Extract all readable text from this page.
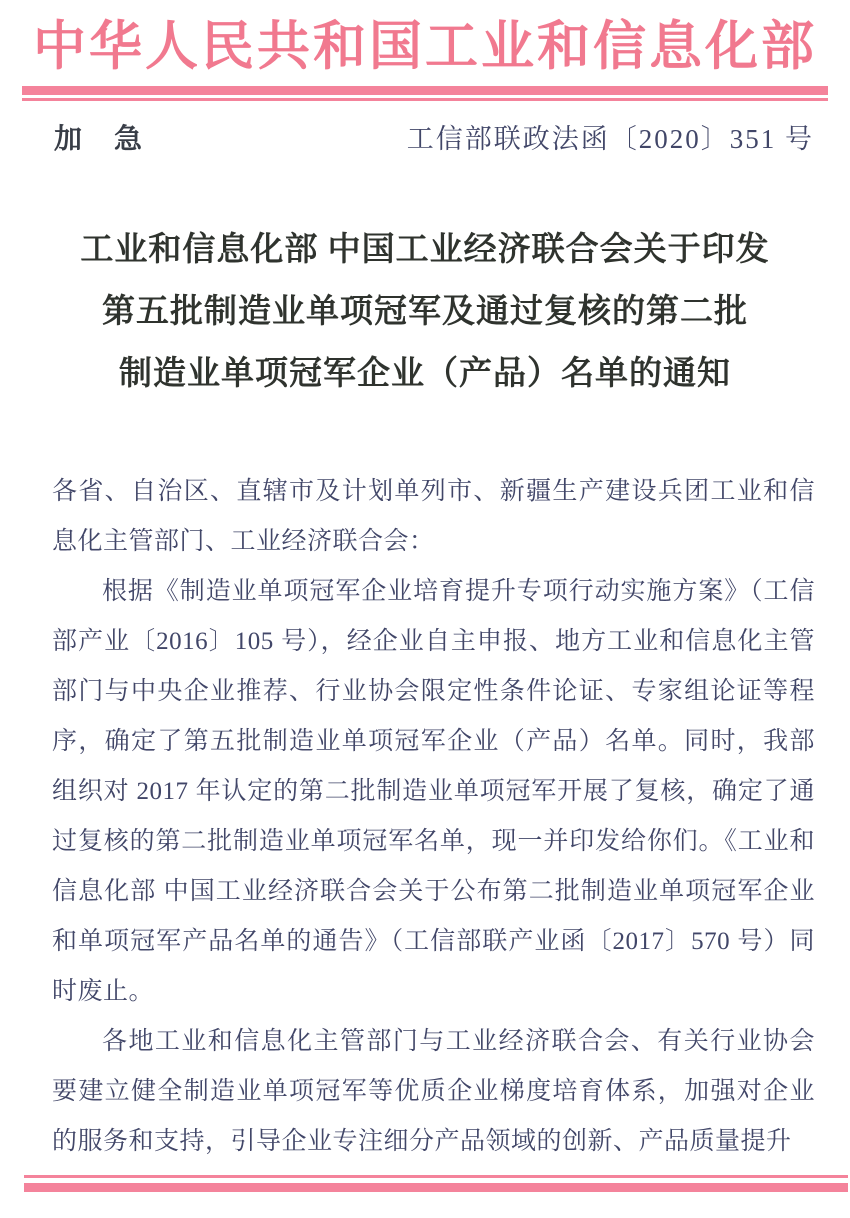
中华人民共和国工业和信息化部
加　急	工信部联政法函〔2020〕351 号
工业和信息化部 中国工业经济联合会关于印发
第五批制造业单项冠军及通过复核的第二批
制造业单项冠军企业（产品）名单的通知

各省、自治区、直辖市及计划单列市、新疆生产建设兵团工业和信息化主管部门、工业经济联合会：

根据《制造业单项冠军企业培育提升专项行动实施方案》（工信部产业〔2016〕105 号），经企业自主申报、地方工业和信息化主管部门与中央企业推荐、行业协会限定性条件论证、专家组论证等程序，确定了第五批制造业单项冠军企业（产品）名单。同时，我部组织对 2017 年认定的第二批制造业单项冠军开展了复核，确定了通过复核的第二批制造业单项冠军名单，现一并印发给你们。《工业和信息化部 中国工业经济联合会关于公布第二批制造业单项冠军企业和单项冠军产品名单的通告》（工信部联产业函〔2017〕570 号）同时废止。

各地工业和信息化主管部门与工业经济联合会、有关行业协会要建立健全制造业单项冠军等优质企业梯度培育体系，加强对企业的服务和支持，引导企业专注细分产品领域的创新、产品质量提升
